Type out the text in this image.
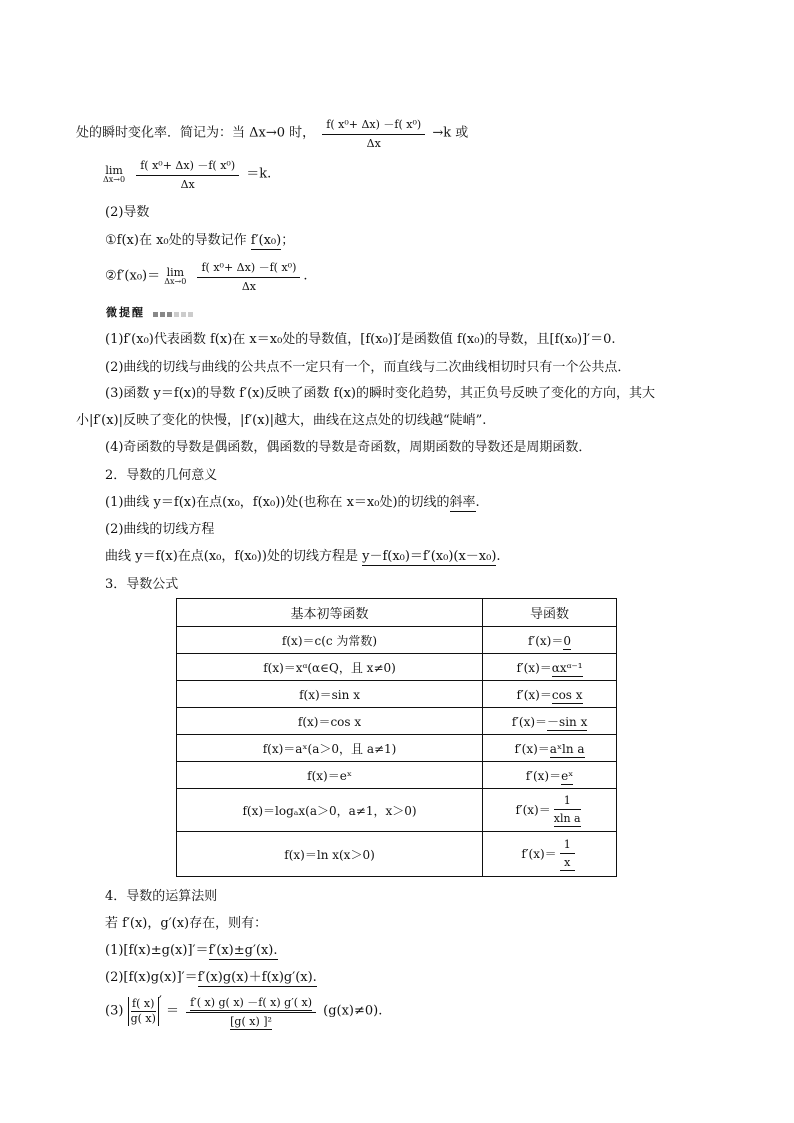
处的瞬时变化率．简记为：当 Δx→0 时， $\frac{\text{f( x⁰+ Δx) －f( x⁰)}}{\Delta x} \to k$ 或
lim
Δx→0
$\frac{\text{f( x⁰+ Δx) －f( x⁰)}}{\Delta x} =k$.
(2)导数
①f(x)在 x₀处的导数记作 f′(x₀)；
②f′(x₀)＝ lim
Δx→0
$\frac{\text{f( x⁰+ Δx) －f( x⁰)}}{\Delta x}$ .
微提醒
(1)f′(x₀)代表函数 f(x)在 x＝x₀处的导数值，[f(x₀)]′是函数值 f(x₀)的导数，且[f(x₀)]′＝0.
(2)曲线的切线与曲线的公共点不一定只有一个，而直线与二次曲线相切时只有一个公共点．
(3)函数 y＝f(x)的导数 f′(x)反映了函数 f(x)的瞬时变化趋势，其正负号反映了变化的方向，其大
小|f′(x)|反映了变化的快慢，|f′(x)|越大，曲线在这点处的切线越“陡峭”.
(4)奇函数的导数是偶函数，偶函数的导数是奇函数，周期函数的导数还是周期函数．
2．导数的几何意义
(1)曲线 y＝f(x)在点(x₀，f(x₀))处(也称在 x＝x₀处)的切线的斜率.
(2)曲线的切线方程
曲线 y＝f(x)在点(x₀，f(x₀))处的切线方程是 y－f(x₀)＝f′(x₀)(x－x₀).
3．导数公式
基本初等函数	导函数
f(x)＝c(c 为常数)	f′(x)＝0
f(x)＝xᵅ(α∈Q，且 x≠0)	f′(x)＝αxᵅ⁻¹
f(x)＝sin x	f′(x)＝cos x
f(x)＝cos x	f′(x)＝－sin x
f(x)＝aˣ(a＞0，且 a≠1)	f′(x)＝aˣln a
f(x)＝eˣ	f′(x)＝eˣ
f(x)＝logₐx(a＞0，a≠1，x＞0)	$f'(x)= \frac{1}{\text{xln a}}$

f(x)＝ln x(x＞0)	$f'(x)= \frac{1}{x}$
4．导数的运算法则
若 f′(x)，g′(x)存在，则有：
(1)[f(x)±g(x)]′＝f′(x)±g′(x).
(2)[f(x)g(x)]′＝f′(x)g(x)＋f(x)g′(x).
$(3) \frac{f( x)}{g( x)}' = \frac{f'( x) g( x) -f( x) g'( x)}{\text{[g( x) ]²}} (g(x)\ne 0)$.
